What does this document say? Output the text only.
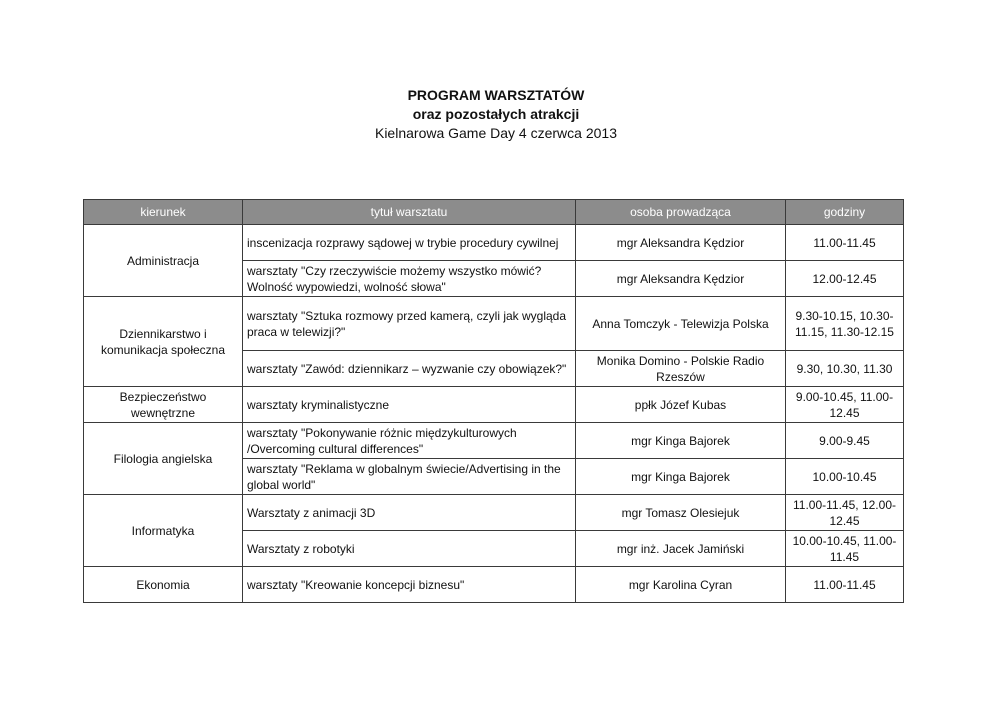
PROGRAM WARSZTATÓW
oraz pozostałych atrakcji
Kielnarowa Game Day 4 czerwca 2013
kierunek	tytuł warsztatu	osoba prowadząca	godziny
Administracja	inscenizacja rozprawy sądowej w trybie procedury cywilnej	mgr Aleksandra Kędzior	11.00-11.45
	warsztaty "Czy rzeczywiście możemy wszystko mówić? Wolność wypowiedzi, wolność słowa"	mgr Aleksandra Kędzior	12.00-12.45
Dziennikarstwo i komunikacja społeczna	warsztaty "Sztuka rozmowy przed kamerą, czyli jak wygląda praca w telewizji?"	Anna Tomczyk - Telewizja Polska	9.30-10.15, 10.30-11.15, 11.30-12.15
	warsztaty "Zawód: dziennikarz – wyzwanie czy obowiązek?"	Monika Domino - Polskie Radio Rzeszów	9.30, 10.30, 11.30
Bezpieczeństwo wewnętrzne	warsztaty kryminalistyczne	ppłk Józef Kubas	9.00-10.45, 11.00-12.45
Filologia angielska	warsztaty "Pokonywanie różnic międzykulturowych /Overcoming cultural differences"	mgr Kinga Bajorek	9.00-9.45
	warsztaty "Reklama w globalnym świecie/Advertising in the global world"	mgr Kinga Bajorek	10.00-10.45
Informatyka	Warsztaty z animacji 3D	mgr Tomasz Olesiejuk	11.00-11.45, 12.00-12.45
	Warsztaty z robotyki	mgr inż. Jacek Jamiński	10.00-10.45, 11.00-11.45
Ekonomia	warsztaty "Kreowanie koncepcji biznesu"	mgr Karolina Cyran	11.00-11.45
